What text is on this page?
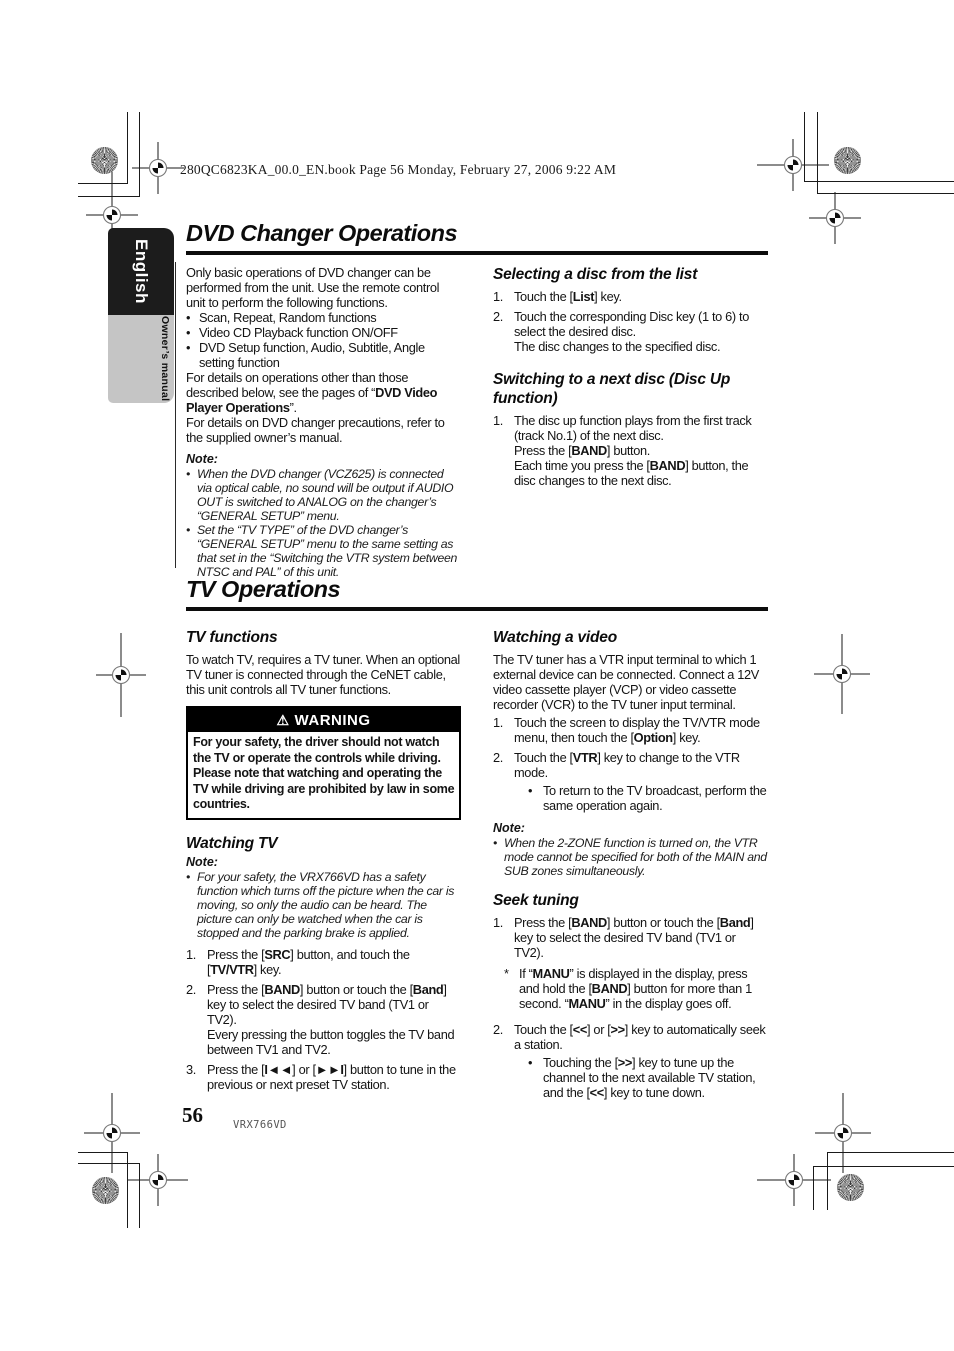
280QC6823KA_00.0_EN.book Page 56 Monday, February 27, 2006 9:22 AM
English
Owner’s manual
DVD Changer Operations

Only basic operations of DVD changer can be performed from the unit. Use the remote control unit to perform the following functions.

• Scan, Repeat, Random functions
• Video CD Playback function ON/OFF
• DVD Setup function, Audio, Subtitle, Angle setting function

For details on operations other than those described below, see the pages of “DVD Video Player Operations”.

For details on DVD changer precautions, refer to the supplied owner’s manual.

Note:
• When the DVD changer (VCZ625) is connected via optical cable, no sound will be output if AUDIO OUT is switched to ANALOG on the changer’s “GENERAL SETUP” menu.
• Set the “TV TYPE” of the DVD changer’s “GENERAL SETUP” menu to the same setting as that set in the “Switching the VTR system between NTSC and PAL” of this unit.
Selecting a disc from the list
1. Touch the [List] key.
2. Touch the corresponding Disc key (1 to 6) to select the desired disc.
The disc changes to the specified disc.
Switching to a next disc (Disc Up function)
1. The disc up function plays from the first track (track No.1) of the next disc.
Press the [BAND] button.
Each time you press the [BAND] button, the disc changes to the next disc.
TV Operations
TV functions

To watch TV, requires a TV tuner. When an optional TV tuner is connected through the CeNET cable, this unit controls all TV tuner functions.

⚠ WARNING
For your safety, the driver should not watch the TV or operate the controls while driving. Please note that watching and operating the TV while driving are prohibited by law in some countries.
Watching TV
Note:
• For your safety, the VRX766VD has a safety function which turns off the picture when the car is moving, so only the audio can be heard. The picture can only be watched when the car is stopped and the parking brake is applied.
1. Press the [SRC] button, and touch the [TV/VTR] key.
2. Press the [BAND] button or touch the [Band] key to select the desired TV band (TV1 or TV2).
Every pressing the button toggles the TV band between TV1 and TV2.
3. Press the [I◄◄] or [►►I] button to tune in the previous or next preset TV station.
Watching a video

The TV tuner has a VTR input terminal to which 1 external device can be connected. Connect a 12V video cassette player (VCP) or video cassette recorder (VCR) to the TV tuner input terminal.

1. Touch the screen to display the TV/VTR mode menu, then touch the [Option] key.
2. Touch the [VTR] key to change to the VTR mode.
• To return to the TV broadcast, perform the same operation again.
Note:
• When the 2-ZONE function is turned on, the VTR mode cannot be specified for both of the MAIN and SUB zones simultaneously.
Seek tuning
1. Press the [BAND] button or touch the [Band] key to select the desired TV band (TV1 or TV2).
* If “MANU” is displayed in the display, press and hold the [BAND] button for more than 1 second. “MANU” in the display goes off.
2. Touch the [<<] or [>>] key to automatically seek a station.
• Touching the [>>] key to tune up the channel to the next available TV station, and the [<<] key to tune down.
56	VRX766VD
